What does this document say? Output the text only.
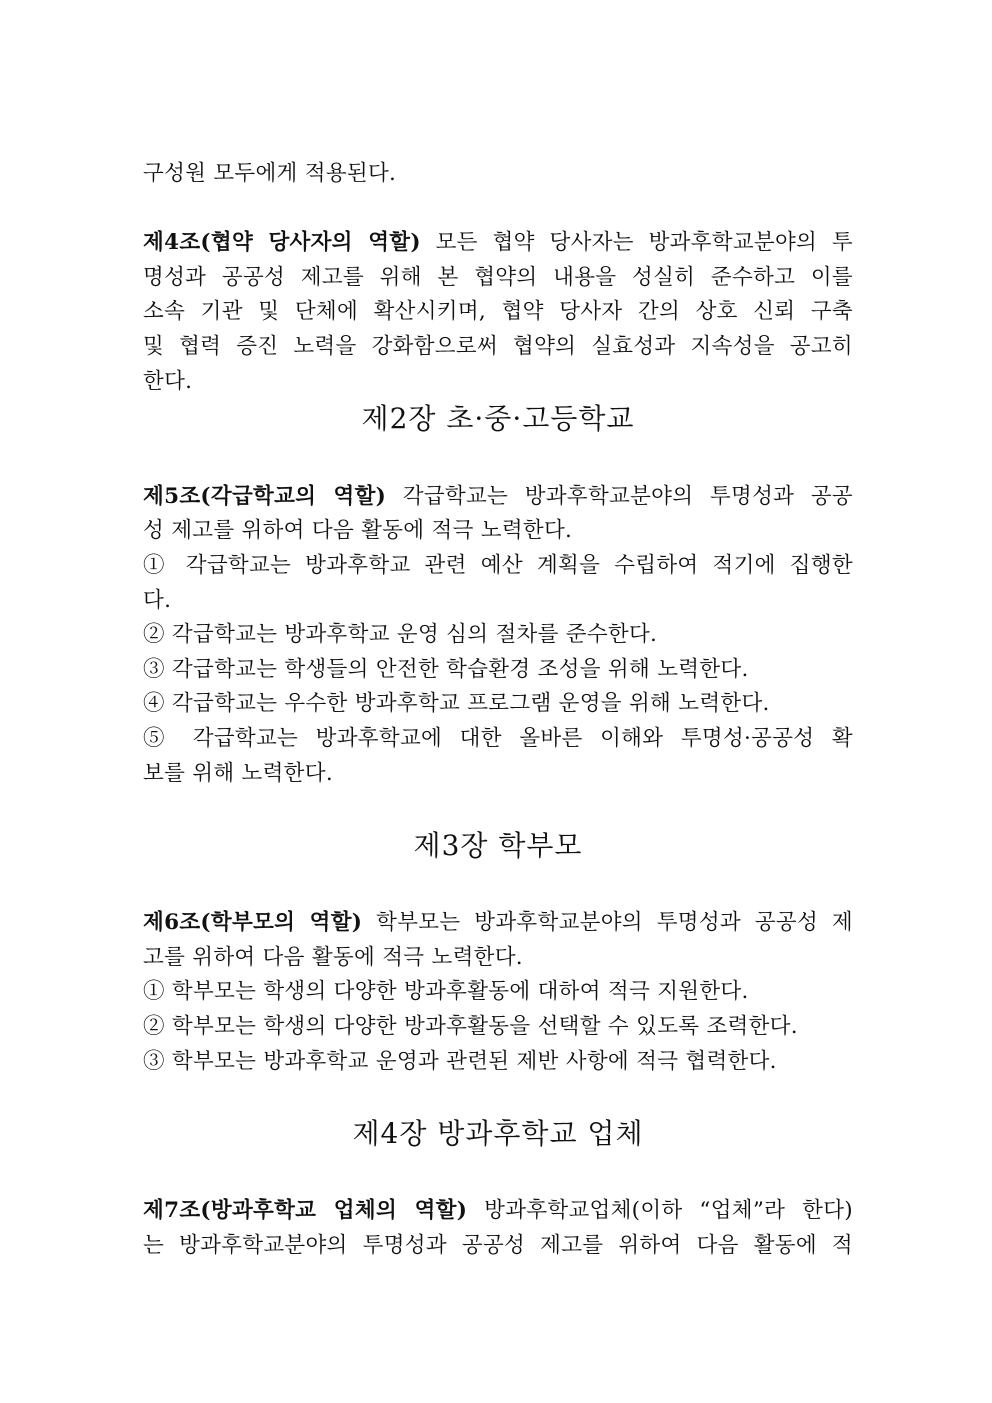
구성원 모두에게 적용된다.
제4조(협약 당사자의 역할) 모든 협약 당사자는 방과후학교분야의 투
명성과 공공성 제고를 위해 본 협약의 내용을 성실히 준수하고 이를
소속 기관 및 단체에 확산시키며, 협약 당사자 간의 상호 신뢰 구축
및 협력 증진 노력을 강화함으로써 협약의 실효성과 지속성을 공고히
한다.
제2장 초·중·고등학교
제5조(각급학교의 역할) 각급학교는 방과후학교분야의 투명성과 공공
성 제고를 위하여 다음 활동에 적극 노력한다.
① 각급학교는 방과후학교 관련 예산 계획을 수립하여 적기에 집행한
다.
② 각급학교는 방과후학교 운영 심의 절차를 준수한다.
③ 각급학교는 학생들의 안전한 학습환경 조성을 위해 노력한다.
④ 각급학교는 우수한 방과후학교 프로그램 운영을 위해 노력한다.
⑤ 각급학교는 방과후학교에 대한 올바른 이해와 투명성·공공성 확
보를 위해 노력한다.
제3장 학부모
제6조(학부모의 역할) 학부모는 방과후학교분야의 투명성과 공공성 제
고를 위하여 다음 활동에 적극 노력한다.
① 학부모는 학생의 다양한 방과후활동에 대하여 적극 지원한다.
② 학부모는 학생의 다양한 방과후활동을 선택할 수 있도록 조력한다.
③ 학부모는 방과후학교 운영과 관련된 제반 사항에 적극 협력한다.
제4장 방과후학교 업체
제7조(방과후학교 업체의 역할) 방과후학교업체(이하 “업체”라 한다)
는 방과후학교분야의 투명성과 공공성 제고를 위하여 다음 활동에 적
